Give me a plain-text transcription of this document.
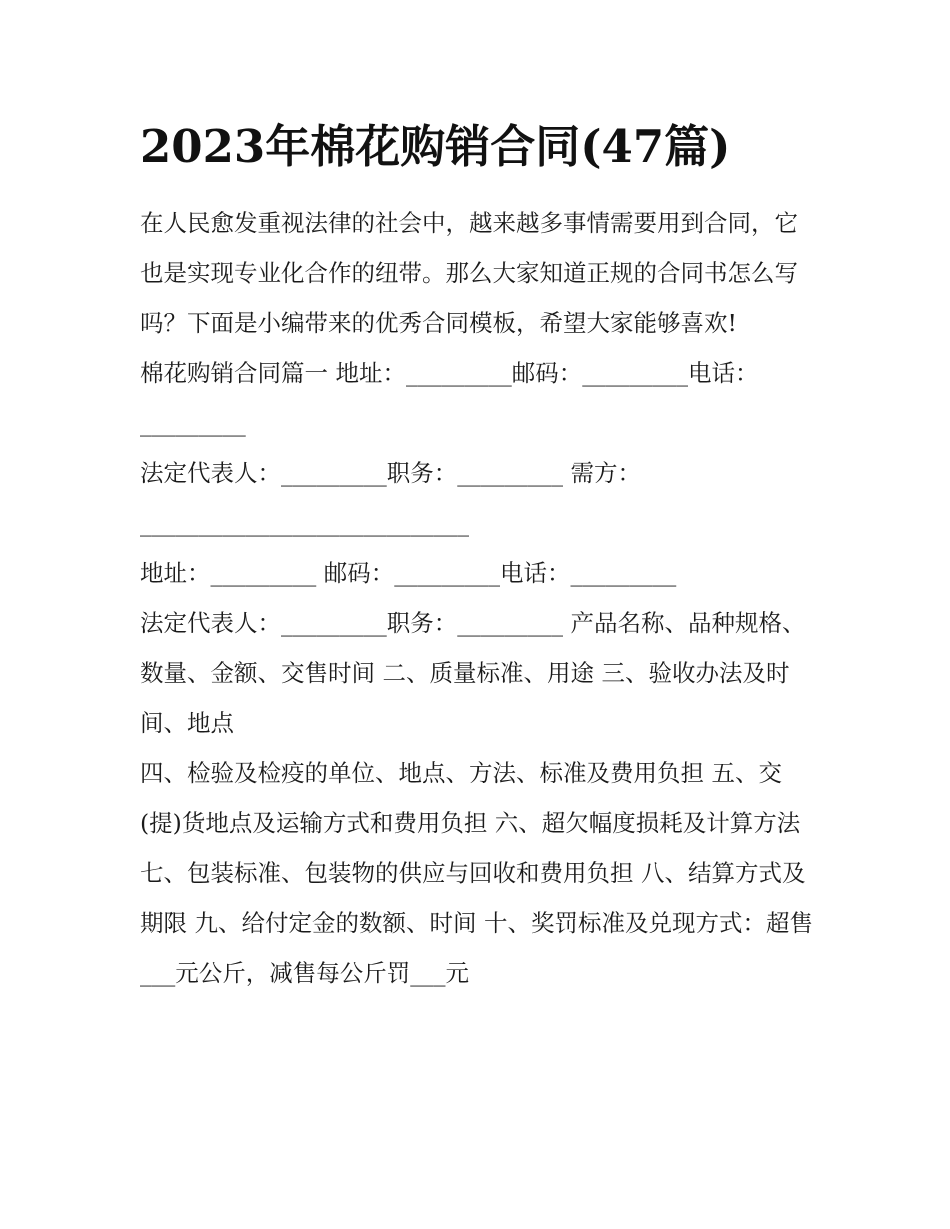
2023年棉花购销合同(47篇)

在人民愈发重视法律的社会中，越来越多事情需要用到合同，它也是实现专业化合作的纽带。那么大家知道正规的合同书怎么写吗？下面是小编带来的优秀合同模板，希望大家能够喜欢!

棉花购销合同篇一 地址：_________邮码：_________电话：_________

法定代表人：_________职务：_________ 需方：____________________________

地址：_________ 邮码：_________电话：_________

法定代表人：_________职务：_________ 产品名称、品种规格、数量、金额、交售时间 二、质量标准、用途 三、验收办法及时间、地点

四、检验及检疫的单位、地点、方法、标准及费用负担 五、交(提)货地点及运输方式和费用负担 六、超欠幅度损耗及计算方法

七、包装标准、包装物的供应与回收和费用负担 八、结算方式及期限 九、给付定金的数额、时间 十、奖罚标准及兑现方式：超售___元公斤，减售每公斤罚___元
